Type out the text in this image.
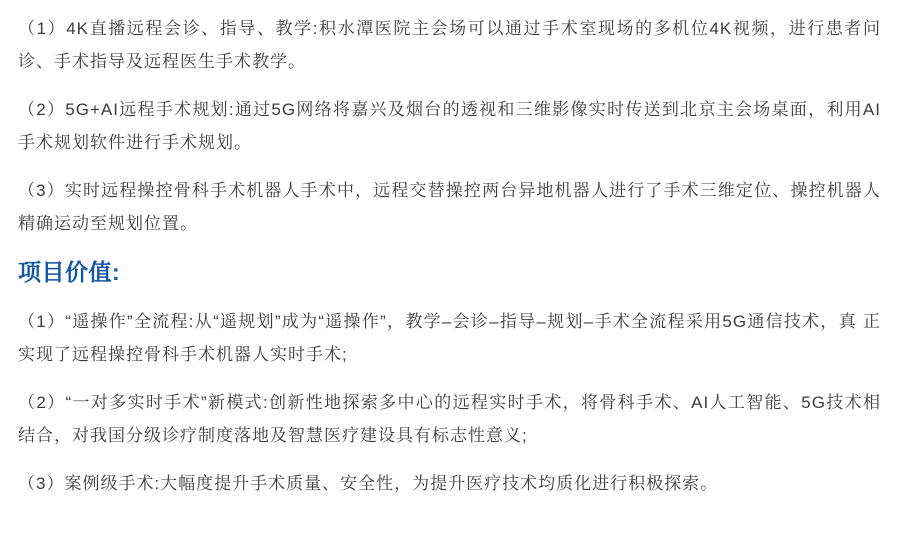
（1）4K直播远程会诊、指导、教学:积水潭医院主会场可以通过手术室现场的多机位4K视频，进行患者问诊、手术指导及远程医生手术教学。

（2）5G+AI远程手术规划:通过5G网络将嘉兴及烟台的透视和三维影像实时传送到北京主会场桌面，利用AI手术规划软件进行手术规划。

（3）实时远程操控骨科手术机器人手术中，远程交替操控两台异地机器人进行了手术三维定位、操控机器人精确运动至规划位置。

项目价值:

（1）“遥操作”全流程:从“遥规划”成为“遥操作”，教学–会诊–指导–规划–手术全流程采用5G通信技术，真 正实现了远程操控骨科手术机器人实时手术;

（2）“一对多实时手术”新模式:创新性地探索多中心的远程实时手术，将骨科手术、AI人工智能、5G技术相 结合，对我国分级诊疗制度落地及智慧医疗建设具有标志性意义;

（3）案例级手术:大幅度提升手术质量、安全性，为提升医疗技术均质化进行积极探索。
